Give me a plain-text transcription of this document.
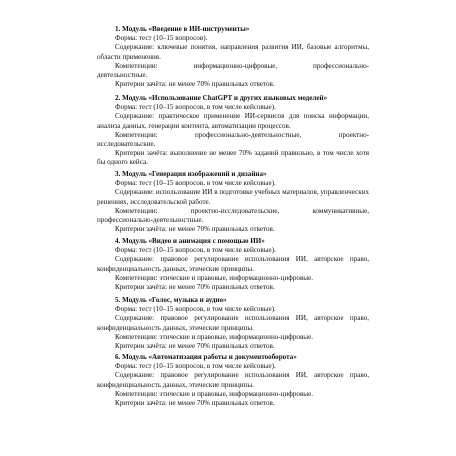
1. Модуль «Введение в ИИ-инструменты»
Форма: тест (10–15 вопросов).
Содержание: ключевые понятия, направления развития ИИ, базовые алгоритмы, области применения.
Компетенции: информационно-цифровые, профессионально-
деятельностные.
Критерии зачёта: не менее 70% правильных ответов.
2. Модуль «Использование ChatGPT и других языковых моделей»
Форма: тест (10–15 вопросов, в том числе кейсовые).
Содержание: практическое применение ИИ-сервисов для поиска информации, анализа данных, генерации контента, автоматизации процессов.
Компетенции: профессионально-деятельностные, проектно-
исследовательские.
Критерии зачёта: выполнение не менее 70% заданий правильно, в том числе хотя бы одного кейса.
3. Модуль «Генерация изображений и дизайна»
Форма: тест (10–15 вопросов, в том числе кейсовые).
Содержание: использование ИИ в подготовке учебных материалов, управленческих решениях, исследовательской работе.
Компетенции: проектно-исследовательские, коммуникативные,
профессионально-деятельностные.
Критерии зачёта: не менее 70% правильных ответов.
4. Модуль «Видео и анимация с помощью ИИ»
Форма: тест (10–15 вопросов, в том числе кейсовые).
Содержание: правовое регулирование использования ИИ, авторское право, конфиденциальность данных, этические принципы.
Компетенции: этические и правовые, информационно-цифровые.
Критерии зачёта: не менее 70% правильных ответов.
5. Модуль «Голос, музыка и аудио»
Форма: тест (10–15 вопросов, в том числе кейсовые).
Содержание: правовое регулирование использования ИИ, авторское право, конфиденциальность данных, этические принципы.
Компетенции: этические и правовые, информационно-цифровые.
Критерии зачёта: не менее 70% правильных ответов.
6. Модуль «Автоматизация работы и документооборота»
Форма: тест (10–15 вопросов, в том числе кейсовые).
Содержание: правовое регулирование использования ИИ, авторское право, конфиденциальность данных, этические принципы.
Компетенции: этические и правовые, информационно-цифровые.
Критерии зачёта: не менее 70% правильных ответов.
